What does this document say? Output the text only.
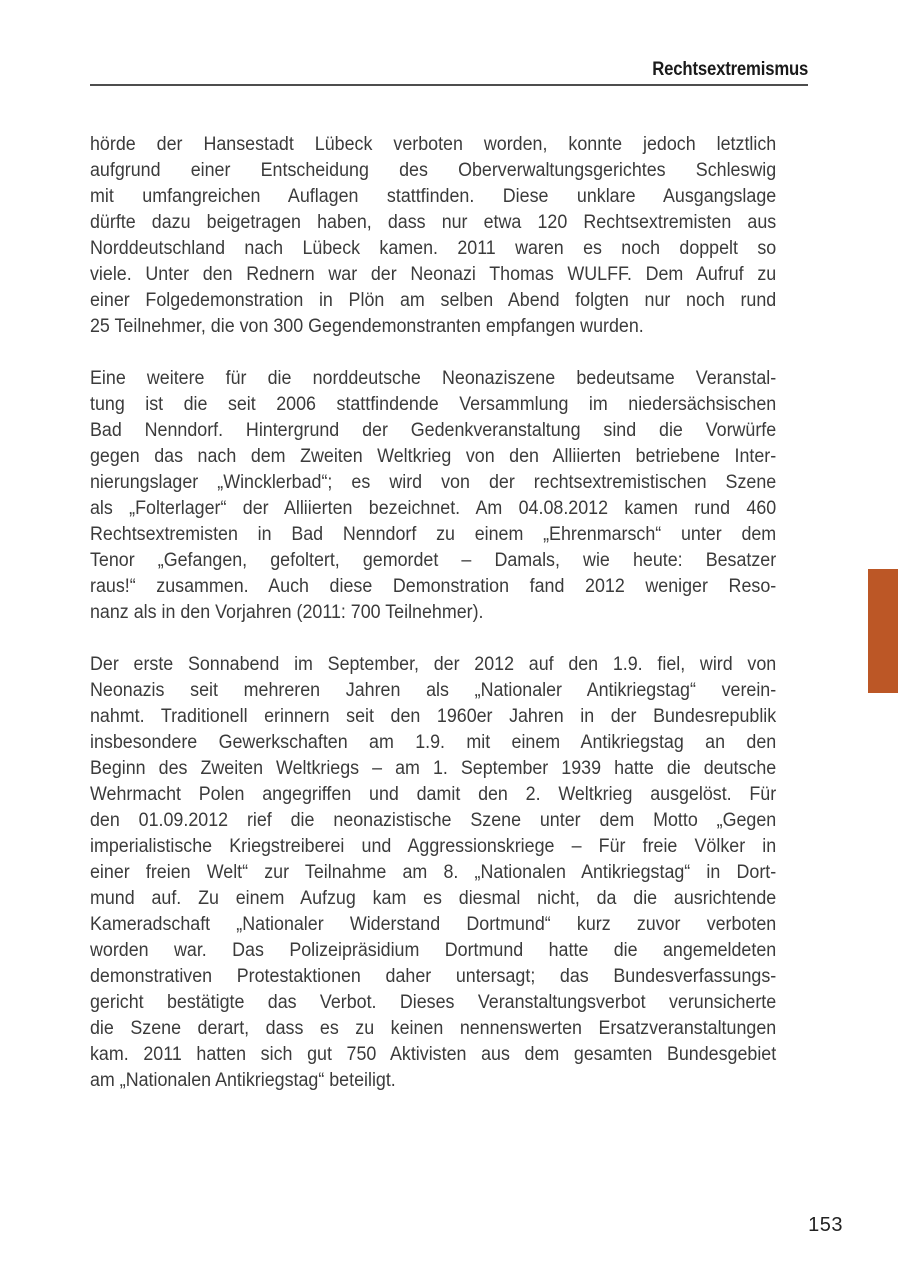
Rechtsextremismus
hörde der Hansestadt Lübeck verboten worden, konnte jedoch letztlich
aufgrund einer Entscheidung des Oberverwaltungsgerichtes Schleswig
mit umfangreichen Auflagen stattfinden. Diese unklare Ausgangslage
dürfte dazu beigetragen haben, dass nur etwa 120 Rechtsextremisten aus
Norddeutschland nach Lübeck kamen. 2011 waren es noch doppelt so
viele. Unter den Rednern war der Neonazi Thomas WULFF. Dem Aufruf zu
einer Folgedemonstration in Plön am selben Abend folgten nur noch rund
25 Teilnehmer, die von 300 Gegendemonstranten empfangen wurden.
Eine weitere für die norddeutsche Neonaziszene bedeutsame Veranstal-
tung ist die seit 2006 stattfindende Versammlung im niedersächsischen
Bad Nenndorf. Hintergrund der Gedenkveranstaltung sind die Vorwürfe
gegen das nach dem Zweiten Weltkrieg von den Alliierten betriebene Inter-
nierungslager „Wincklerbad“; es wird von der rechtsextremistischen Szene
als „Folterlager“ der Alliierten bezeichnet. Am 04.08.2012 kamen rund 460
Rechtsextremisten in Bad Nenndorf zu einem „Ehrenmarsch“ unter dem
Tenor „Gefangen, gefoltert, gemordet – Damals, wie heute: Besatzer
raus!“ zusammen. Auch diese Demonstration fand 2012 weniger Reso-
nanz als in den Vorjahren (2011: 700 Teilnehmer).
Der erste Sonnabend im September, der 2012 auf den 1.9. fiel, wird von
Neonazis seit mehreren Jahren als „Nationaler Antikriegstag“ verein-
nahmt. Traditionell erinnern seit den 1960er Jahren in der Bundesrepublik
insbesondere Gewerkschaften am 1.9. mit einem Antikriegstag an den
Beginn des Zweiten Weltkriegs – am 1. September 1939 hatte die deutsche
Wehrmacht Polen angegriffen und damit den 2. Weltkrieg ausgelöst. Für
den 01.09.2012 rief die neonazistische Szene unter dem Motto „Gegen
imperialistische Kriegstreiberei und Aggressionskriege – Für freie Völker in
einer freien Welt“ zur Teilnahme am 8. „Nationalen Antikriegstag“ in Dort-
mund auf. Zu einem Aufzug kam es diesmal nicht, da die ausrichtende
Kameradschaft „Nationaler Widerstand Dortmund“ kurz zuvor verboten
worden war. Das Polizeipräsidium Dortmund hatte die angemeldeten
demonstrativen Protestaktionen daher untersagt; das Bundesverfassungs-
gericht bestätigte das Verbot. Dieses Veranstaltungsverbot verunsicherte
die Szene derart, dass es zu keinen nennenswerten Ersatzveranstaltungen
kam. 2011 hatten sich gut 750 Aktivisten aus dem gesamten Bundesgebiet
am „Nationalen Antikriegstag“ beteiligt.
153
